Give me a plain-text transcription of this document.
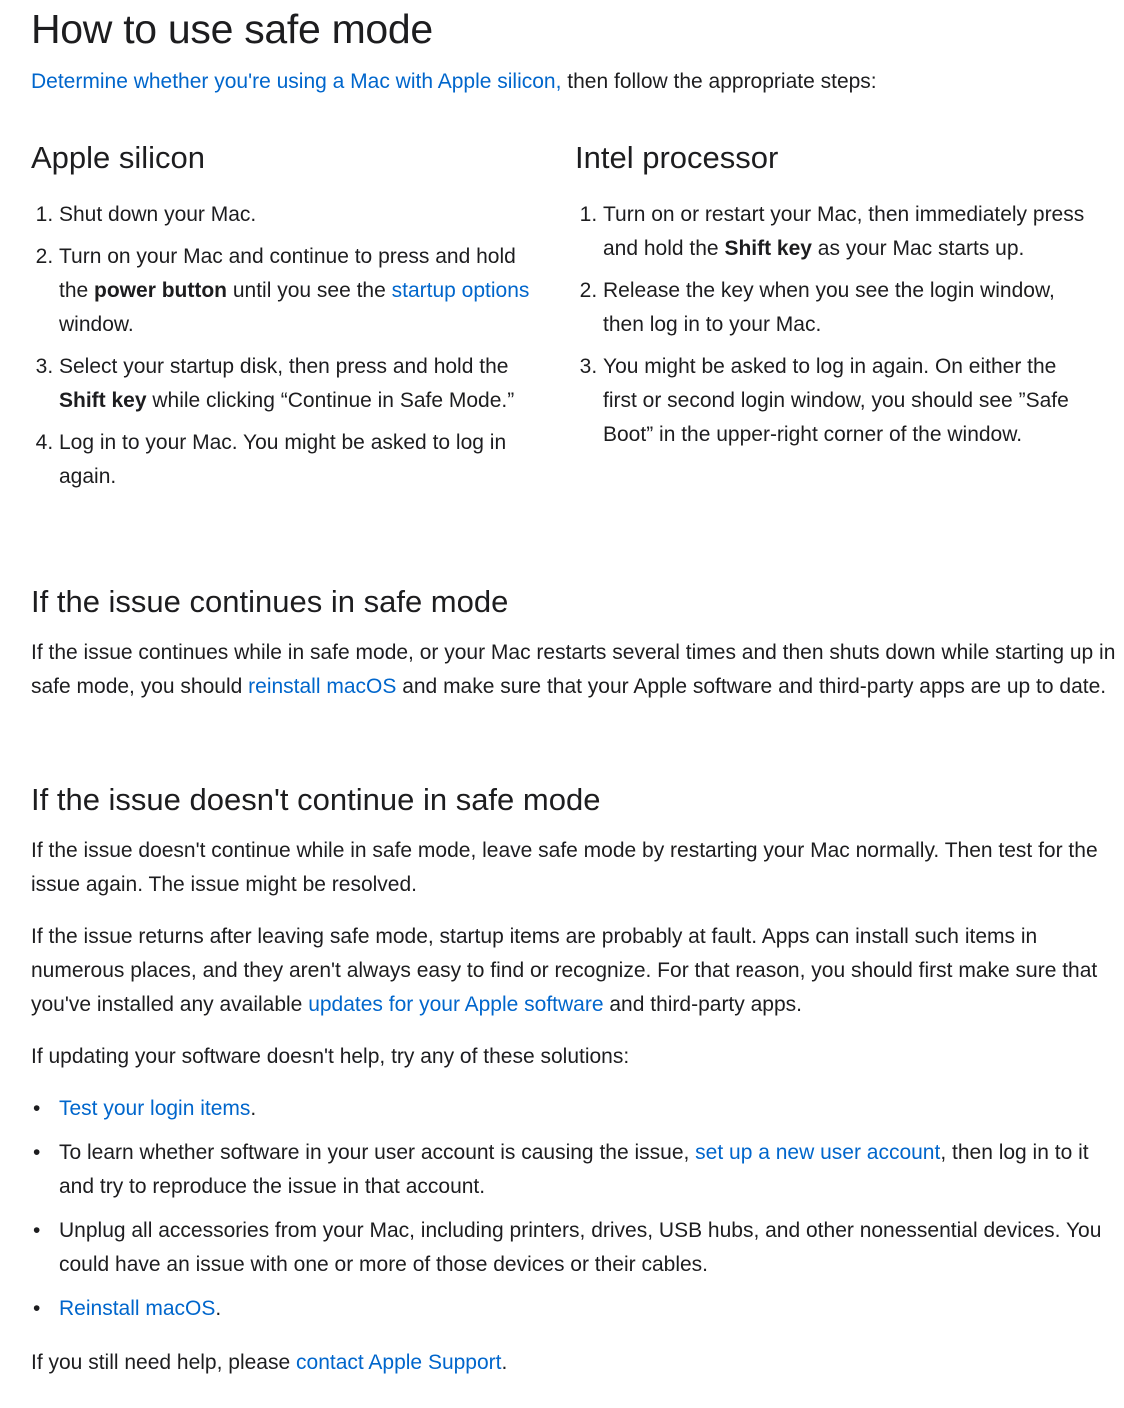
How to use safe mode
Determine whether you're using a Mac with Apple silicon, then follow the appropriate steps:
Apple silicon
1. Shut down your Mac.
2. Turn on your Mac and continue to press and hold the power button until you see the startup options window.
3. Select your startup disk, then press and hold the Shift key while clicking “Continue in Safe Mode.”
4. Log in to your Mac. You might be asked to log in again.
Intel processor
1. Turn on or restart your Mac, then immediately press and hold the Shift key as your Mac starts up.
2. Release the key when you see the login window, then log in to your Mac.
3. You might be asked to log in again. On either the first or second login window, you should see ”Safe Boot” in the upper-right corner of the window.
If the issue continues in safe mode

If the issue continues while in safe mode, or your Mac restarts several times and then shuts down while starting up in safe mode, you should reinstall macOS and make sure that your Apple software and third-party apps are up to date.

If the issue doesn't continue in safe mode

If the issue doesn't continue while in safe mode, leave safe mode by restarting your Mac normally. Then test for the issue again. The issue might be resolved.

If the issue returns after leaving safe mode, startup items are probably at fault. Apps can install such items in numerous places, and they aren't always easy to find or recognize. For that reason, you should first make sure that you've installed any available updates for your Apple software and third-party apps.

If updating your software doesn't help, try any of these solutions:

• Test your login items.
• To learn whether software in your user account is causing the issue, set up a new user account, then log in to it and try to reproduce the issue in that account.
• Unplug all accessories from your Mac, including printers, drives, USB hubs, and other nonessential devices. You could have an issue with one or more of those devices or their cables.
• Reinstall macOS.

If you still need help, please contact Apple Support.
